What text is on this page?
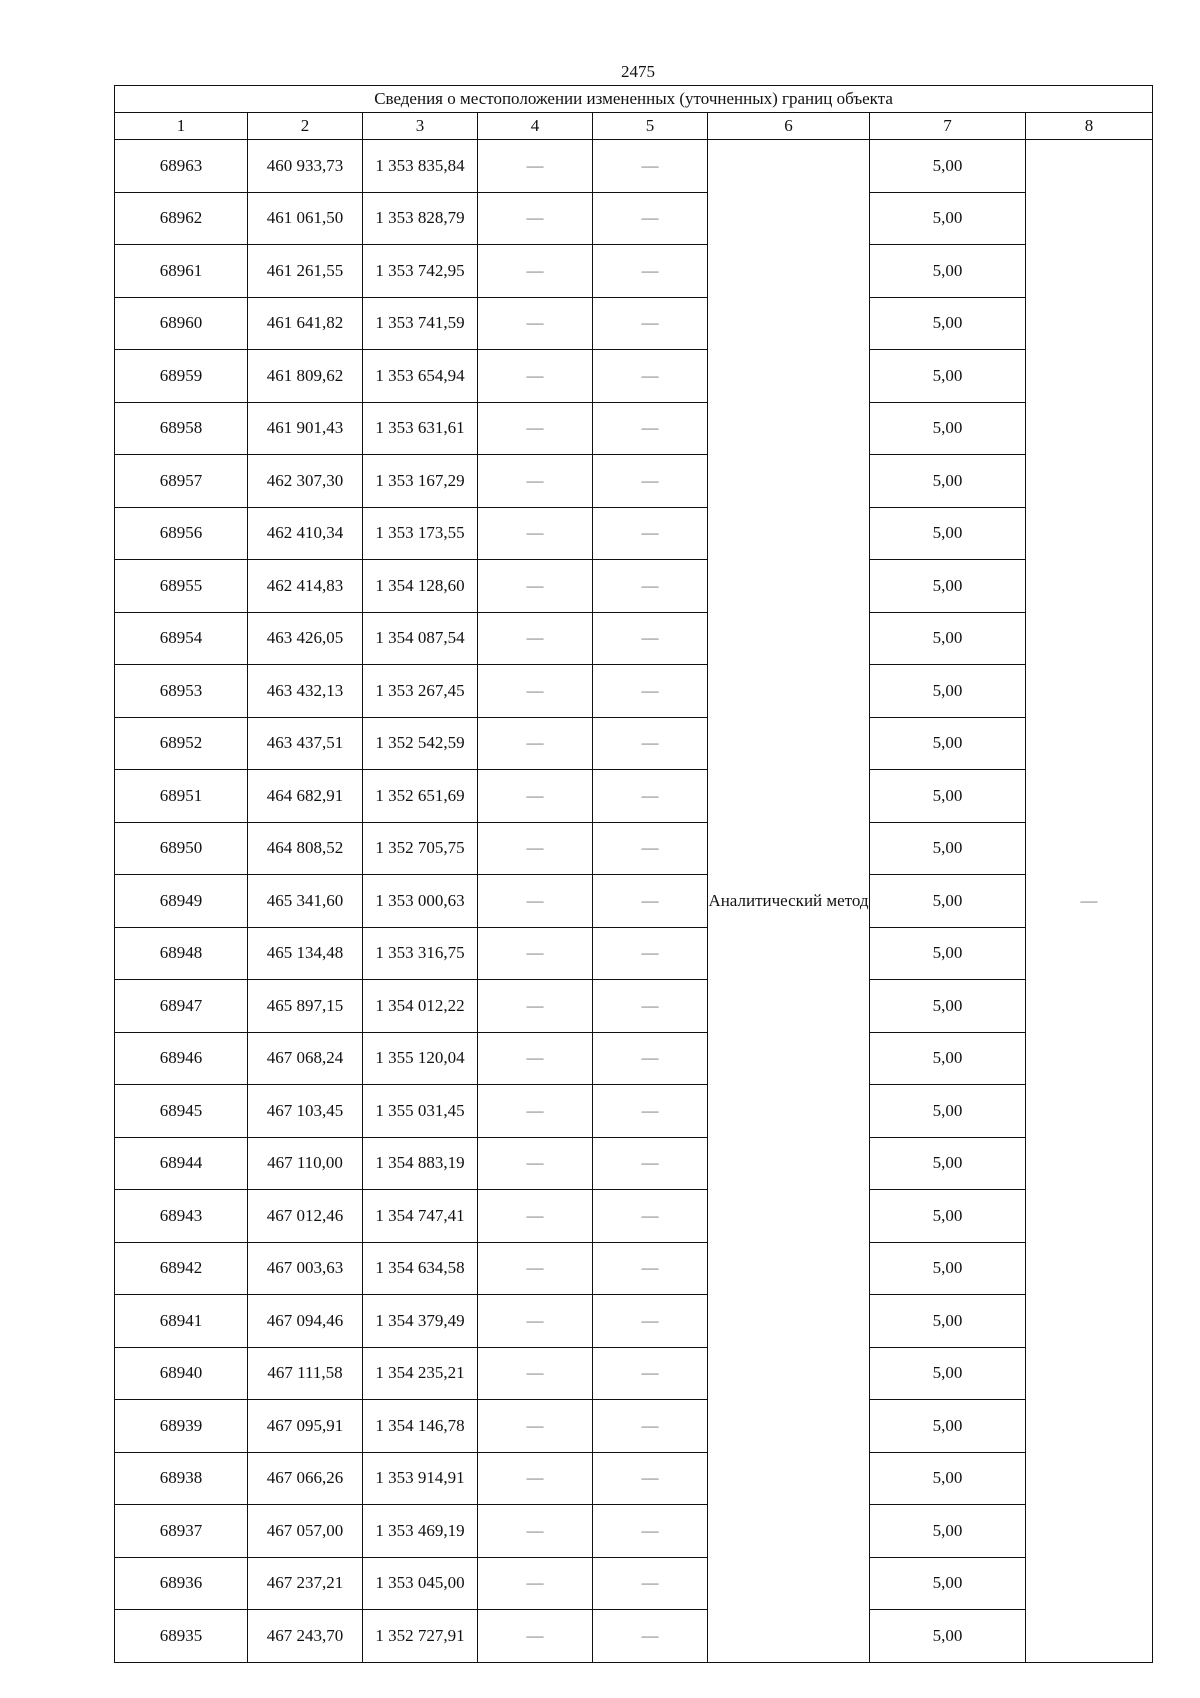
2475
Сведения о местоположении измененных (уточненных) границ объекта							
1	2	3	4	5	6	7	8
68963	460 933,73	1 353 835,84	—	—	Аналитический метод	5,00	—
68962	461 061,50	1 353 828,79	—	—		5,00	
68961	461 261,55	1 353 742,95	—	—		5,00	
68960	461 641,82	1 353 741,59	—	—		5,00	
68959	461 809,62	1 353 654,94	—	—		5,00	
68958	461 901,43	1 353 631,61	—	—		5,00	
68957	462 307,30	1 353 167,29	—	—		5,00	
68956	462 410,34	1 353 173,55	—	—		5,00	
68955	462 414,83	1 354 128,60	—	—		5,00	
68954	463 426,05	1 354 087,54	—	—		5,00	
68953	463 432,13	1 353 267,45	—	—		5,00	
68952	463 437,51	1 352 542,59	—	—		5,00	
68951	464 682,91	1 352 651,69	—	—		5,00	
68950	464 808,52	1 352 705,75	—	—		5,00	
68949	465 341,60	1 353 000,63	—	—		5,00	
68948	465 134,48	1 353 316,75	—	—		5,00	
68947	465 897,15	1 354 012,22	—	—		5,00	
68946	467 068,24	1 355 120,04	—	—		5,00	
68945	467 103,45	1 355 031,45	—	—		5,00	
68944	467 110,00	1 354 883,19	—	—		5,00	
68943	467 012,46	1 354 747,41	—	—		5,00	
68942	467 003,63	1 354 634,58	—	—		5,00	
68941	467 094,46	1 354 379,49	—	—		5,00	
68940	467 111,58	1 354 235,21	—	—		5,00	
68939	467 095,91	1 354 146,78	—	—		5,00	
68938	467 066,26	1 353 914,91	—	—		5,00	
68937	467 057,00	1 353 469,19	—	—		5,00	
68936	467 237,21	1 353 045,00	—	—		5,00	
68935	467 243,70	1 352 727,91	—	—		5,00	
